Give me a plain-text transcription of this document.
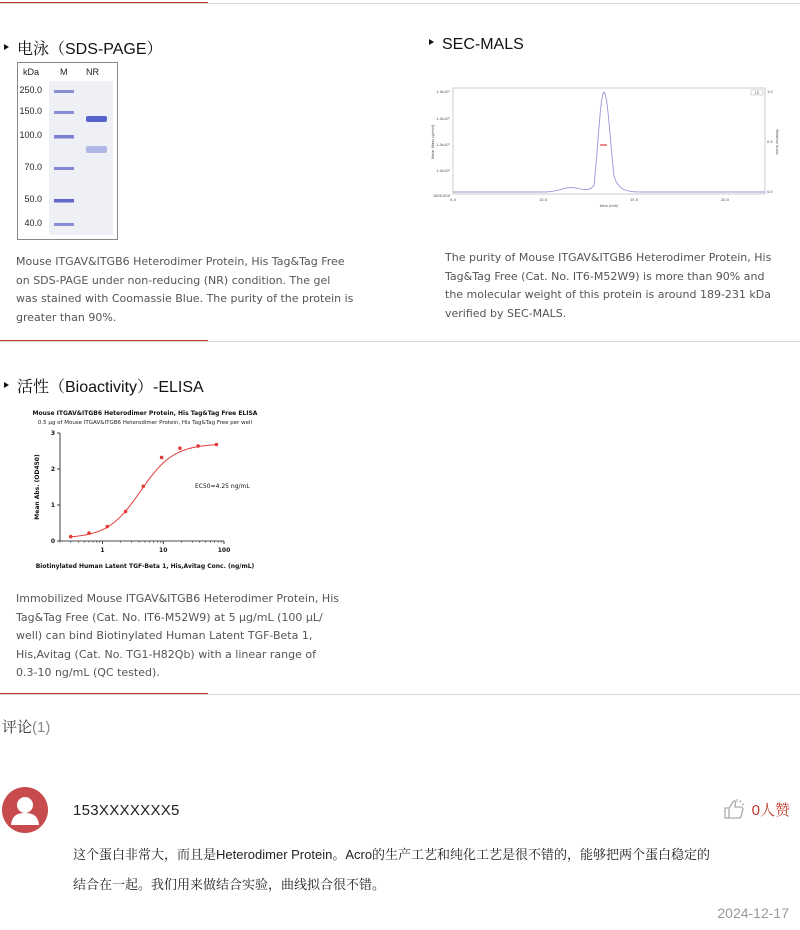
电泳（SDS-PAGE）
kDa M NR
250.0
150.0
100.0
70.0
50.0
40.0
Mouse ITGAV&ITGB6 Heterodimer Protein, His Tag&Tag Free
on SDS-PAGE under non-reducing (NR) condition. The gel
was stained with Coomassie Blue. The purity of the protein is
greater than 90%.
SEC-MALS
1.0x10⁷
1.0x10⁶
1.0x10⁵
1.0x10⁴
1000.000
Molar Mass (g/mol)	Relative Scale
1.0
0.5
0.0
5.0	10.0	15.0	20.0
time (min)
LS
The purity of Mouse ITGAV&ITGB6 Heterodimer Protein, His
Tag&Tag Free (Cat. No. IT6-M52W9) is more than 90% and
the molecular weight of this protein is around 189-231 kDa
verified by SEC-MALS.
活性（Bioactivity）-ELISA
Mouse ITGAV&ITGB6 Heterodimer Protein, His Tag&Tag Free ELISA
0.5 μg of Mouse ITGAV&ITGB6 Heterodimer Protein, His Tag&Tag Free per well
Mean Abs. (OD450)
Biotinylated Human Latent TGF-Beta 1, His,Avitag Conc. (ng/mL)
EC50=4.25 ng/mL
0
1
2
3
1	10	100
Immobilized Mouse ITGAV&ITGB6 Heterodimer Protein, His
Tag&Tag Free (Cat. No. IT6-M52W9) at 5 μg/mL (100 μL/
well) can bind Biotinylated Human Latent TGF-Beta 1,
His,Avitag (Cat. No. TG1-H82Qb) with a linear range of
0.3-10 ng/mL (QC tested).
评论(1)
153XXXXXXX5	0人赞
这个蛋白非常大，而且是Heterodimer Protein。Acro的生产工艺和纯化工艺是很不错的，能够把两个蛋白稳定的
结合在一起。我们用来做结合实验，曲线拟合很不错。
2024-12-17
